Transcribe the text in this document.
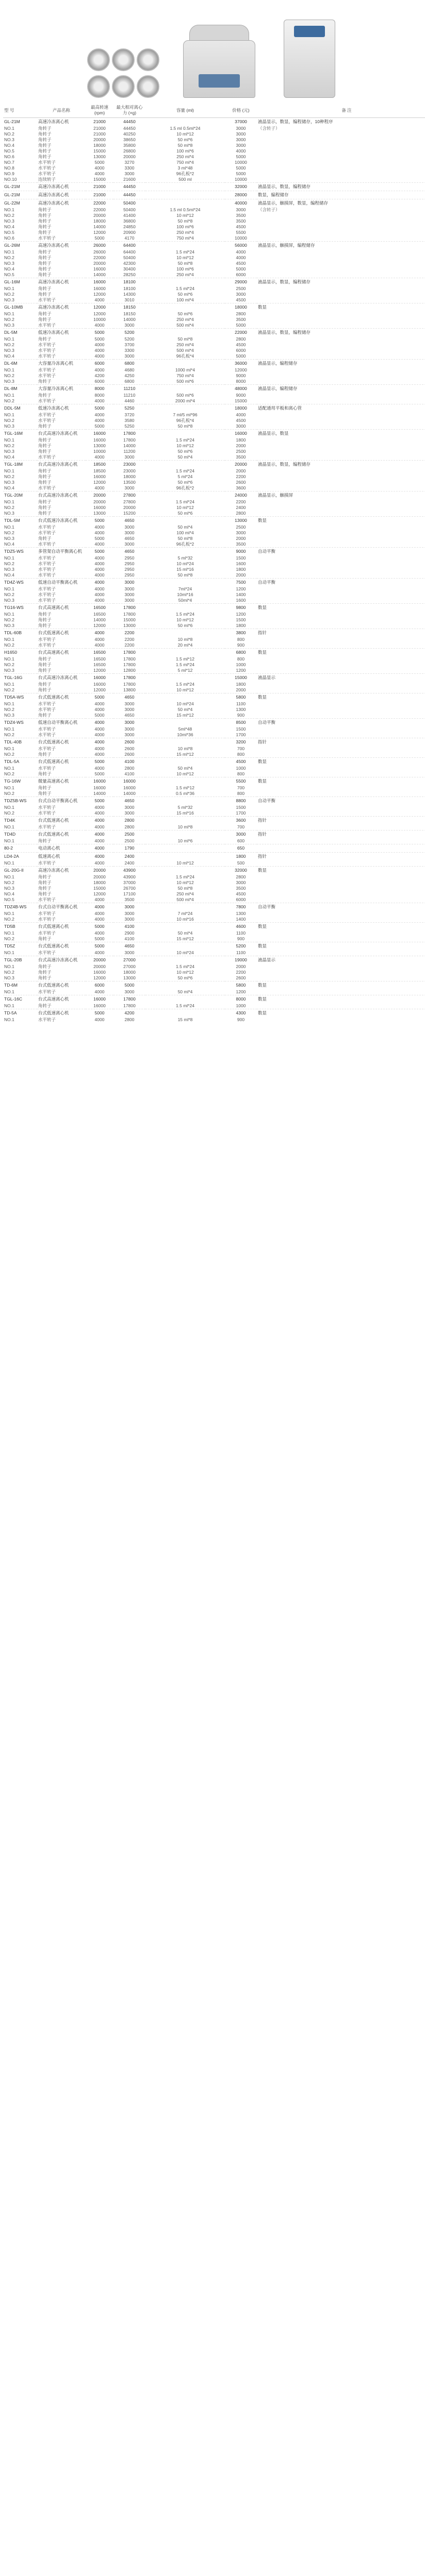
型 号	产品名称	最高转速 (rpm)	最大相对离心力 (×g)	容量 (ml)	价格 (元)	备 注
GL-21M	高速冷冻离心机	21000	44450		37000	液晶显示，数显，编程储存，10种程序
NO.1	角转子	21000	44450	1.5 ml 0.5ml*24	3000	（含转子）
NO.2	角转子	21000	40250	10 ml*12	3000	
NO.3	角转子	20000	38650	50 ml*6	3000	
NO.4	角转子	18000	35800	50 ml*8	3000	
NO.5	角转子	15000	26800	100 ml*6	4000	
NO.6	角转子	13000	20000	250 ml*4	5000	
NO.7	水平转子	5000	3270	750 ml*4	10000	
NO.8	水平转子	4000	3300	3 ml*48	5000	
NO.9	水平转子	4000	3000	96孔板*2	5000	
NO.10	连续转子	15000	21600	500 ml	10000	
GL-21M	高速冷冻离心机	21000	44450		32000	液晶显示，数显，编程储存
GL-21M	高速冷冻离心机	21000	44450		28000	数显，编程储存
GL-22M	高速冷冻离心机	22000	50400		40000	液晶显示，触摸屏，数显，编程储存
NO.1	角转子	22000	50400	1.5 ml 0.5ml*24	3000	（含转子）
NO.2	角转子	20000	41400	10 ml*12	3500	
NO.3	角转子	18000	36800	50 ml*8	3500	
NO.4	角转子	14000	24850	100 ml*6	4500	
NO.5	角转子	12000	20900	250 ml*4	5500	
NO.6	水平转子	5000	4170	750 ml*4	10000	
GL-26M	高速冷冻离心机	26000	64400		56000	液晶显示，触摸屏，编程储存
NO.1	角转子	26000	64400	1.5 ml*24	4000	
NO.2	角转子	22000	50400	10 ml*12	4000	
NO.3	角转子	20000	42300	50 ml*8	4500	
NO.4	角转子	16000	30400	100 ml*6	5000	
NO.5	角转子	14000	28250	250 ml*4	6000	
GL-16M	高速冷冻离心机	16000	18100		29000	液晶显示，数显，编程储存
NO.1	角转子	16000	18100	1.5 ml*24	2500	
NO.2	角转子	12000	14300	50 ml*6	3000	
NO.3	水平转子	4000	3010	100 ml*4	4500	
GL-10MB	高速冷冻离心机	12000	18150		18000	数显
NO.1	角转子	12000	18150	50 ml*6	2800	
NO.2	角转子	10000	14000	250 ml*4	3500	
NO.3	水平转子	4000	3000	500 ml*4	5000	
DL-5M	低速冷冻离心机	5000	5200		22000	液晶显示，数显，编程储存
NO.1	角转子	5000	5200	50 ml*8	2800	
NO.2	水平转子	4000	3700	250 ml*4	4500	
NO.3	水平转子	4000	3300	500 ml*4	6000	
NO.4	水平转子	4000	3000	96孔板*4	5000	
DL-6M	大容量冷冻离心机	6000	6800		36000	液晶显示，编程储存
NO.1	水平转子	4000	4680	1000 ml*4	12000	
NO.2	水平转子	4200	4250	750 ml*4	9000	
NO.3	角转子	6000	6800	500 ml*6	8000	
DL-8M	大容量冷冻离心机	8000	11210		48000	液晶显示，编程储存
NO.1	角转子	8000	11210	500 ml*6	9000	
NO.2	水平转子	4000	4460	2000 ml*4	15000	
DDL-5M	低速冷冻离心机	5000	5250		18000	适配通用平板和离心管
NO.1	水平转子	4000	3720	7 ml/5 ml*96	4000	
NO.2	水平转子	4000	3580	96孔板*4	4500	
NO.3	角转子	5000	5250	50 ml*8	3000	
TGL-16M	台式高速冷冻离心机	16000	17800		16000	液晶显示，数显
NO.1	角转子	16000	17800	1.5 ml*24	1800	
NO.2	角转子	13000	14000	10 ml*12	2000	
NO.3	角转子	10000	11200	50 ml*6	2500	
NO.4	水平转子	4000	3000	50 ml*4	3500	
TGL-18M	台式高速冷冻离心机	18500	23000		20000	液晶显示，数显，编程储存
NO.1	角转子	18500	23000	1.5 ml*24	2000	
NO.2	角转子	16000	18000	5 ml*24	2200	
NO.3	角转子	12000	13500	50 ml*6	2600	
NO.4	水平转子	4000	3000	96孔板*2	3600	
TGL-20M	台式高速冷冻离心机	20000	27800		24000	液晶显示，触摸屏
NO.1	角转子	20000	27800	1.5 ml*24	2200	
NO.2	角转子	16000	20000	10 ml*12	2400	
NO.3	角转子	13000	15200	50 ml*6	2800	
TDL-5M	台式低速冷冻离心机	5000	4650		13000	数显
NO.1	水平转子	4000	3000	50 ml*4	2500	
NO.2	水平转子	4000	3000	100 ml*4	3000	
NO.3	角转子	5000	4650	50 ml*8	2000	
NO.4	水平转子	4000	3000	96孔板*2	3500	
TDZ5-WS	多管架自动平衡离心机	5000	4650		9000	自动平衡
NO.1	水平转子	4000	2950	5 ml*32	1500	
NO.2	水平转子	4000	2950	10 ml*24	1600	
NO.3	水平转子	4000	2950	15 ml*16	1800	
NO.4	水平转子	4000	2950	50 ml*8	2000	
TD4Z-WS	低速自动平衡离心机	4000	3000		7500	自动平衡
NO.1	水平转子	4000	3000	7ml*24	1200	
NO.2	水平转子	4000	3000	10ml*16	1400	
NO.3	水平转子	4000	3000	50ml*4	1600	
TG16-WS	台式高速离心机	16500	17800		9800	数显
NO.1	角转子	16500	17800	1.5 ml*24	1200	
NO.2	角转子	14000	15000	10 ml*12	1500	
NO.3	角转子	12000	13000	50 ml*6	1800	
TDL-60B	台式低速离心机	4000	2200		3800	指针
NO.1	水平转子	4000	2200	10 ml*8	800	
NO.2	水平转子	4000	2200	20 ml*4	900	
H1650	台式高速离心机	16500	17800		6800	数显
NO.1	角转子	16500	17800	1.5 ml*12	800	
NO.2	角转子	16500	17800	1.5 ml*24	1000	
NO.3	角转子	12000	12800	5 ml*12	1200	
TGL-16G	台式高速冷冻离心机	16000	17800		15000	液晶显示
NO.1	角转子	16000	17800	1.5 ml*24	1800	
NO.2	角转子	12000	13800	10 ml*12	2000	
TD5A-WS	台式低速离心机	5000	4650		5800	数显
NO.1	水平转子	4000	3000	10 ml*24	1100	
NO.2	水平转子	4000	3000	50 ml*4	1300	
NO.3	角转子	5000	4650	15 ml*12	900	
TDZ4-WS	低速自动平衡离心机	4000	3000		8500	自动平衡
NO.1	水平转子	4000	3000	5ml*48	1500	
NO.2	水平转子	4000	3000	10ml*36	1700	
TDL-40B	台式低速离心机	4000	2600		3200	指针
NO.1	水平转子	4000	2600	10 ml*8	700	
NO.2	角转子	4000	2600	15 ml*12	800	
TDL-5A	台式低速离心机	5000	4100		4500	数显
NO.1	水平转子	4000	2800	50 ml*4	1000	
NO.2	角转子	5000	4100	10 ml*12	800	
TG-16W	微量高速离心机	16000	16000		5500	数显
NO.1	角转子	16000	16000	1.5 ml*12	700	
NO.2	角转子	14000	14000	0.5 ml*36	800	
TDZ5B-WS	台式自动平衡离心机	5000	4650		8800	自动平衡
NO.1	水平转子	4000	3000	5 ml*32	1500	
NO.2	水平转子	4000	3000	15 ml*16	1700	
TD4K	台式低速离心机	4000	2800		3600	指针
NO.1	水平转子	4000	2800	10 ml*8	700	
TD4D	台式低速离心机	4000	2500		3000	指针
NO.1	角转子	4000	2500	10 ml*6	600	
80-2	电动离心机	4000	1790		650	
LD4-2A	低速离心机	4000	2400		1800	指针
NO.1	水平转子	4000	2400	10 ml*12	500	
GL-20G-II	高速冷冻离心机	20000	43900		32000	数显
NO.1	角转子	20000	43900	1.5 ml*24	2800	
NO.2	角转子	18000	37000	10 ml*12	3000	
NO.3	角转子	15000	26700	50 ml*8	3500	
NO.4	角转子	12000	17100	250 ml*4	4500	
NO.5	水平转子	4000	3500	500 ml*4	6000	
TDZ4B-WS	台式自动平衡离心机	4000	3000		7800	自动平衡
NO.1	水平转子	4000	3000	7 ml*24	1300	
NO.2	水平转子	4000	3000	10 ml*16	1400	
TD5B	台式低速离心机	5000	4100		4600	数显
NO.1	水平转子	4000	2900	50 ml*4	1100	
NO.2	角转子	5000	4100	15 ml*12	900	
TD5Z	台式低速离心机	5000	4650		5200	数显
NO.1	水平转子	4000	3000	10 ml*24	1100	
TGL-20B	台式高速冷冻离心机	20000	27000		19000	液晶显示
NO.1	角转子	20000	27000	1.5 ml*24	2000	
NO.2	角转子	16000	18000	10 ml*12	2200	
NO.3	角转子	12000	13000	50 ml*6	2600	
TD-6M	台式低速离心机	6000	5000		5800	数显
NO.1	水平转子	4000	3000	50 ml*4	1200	
TGL-16C	台式高速离心机	16000	17800		8000	数显
NO.1	角转子	16000	17800	1.5 ml*24	1000	
TD-5A	台式低速离心机	5000	4200		4300	数显
NO.1	水平转子	4000	2800	15 ml*8	900	
